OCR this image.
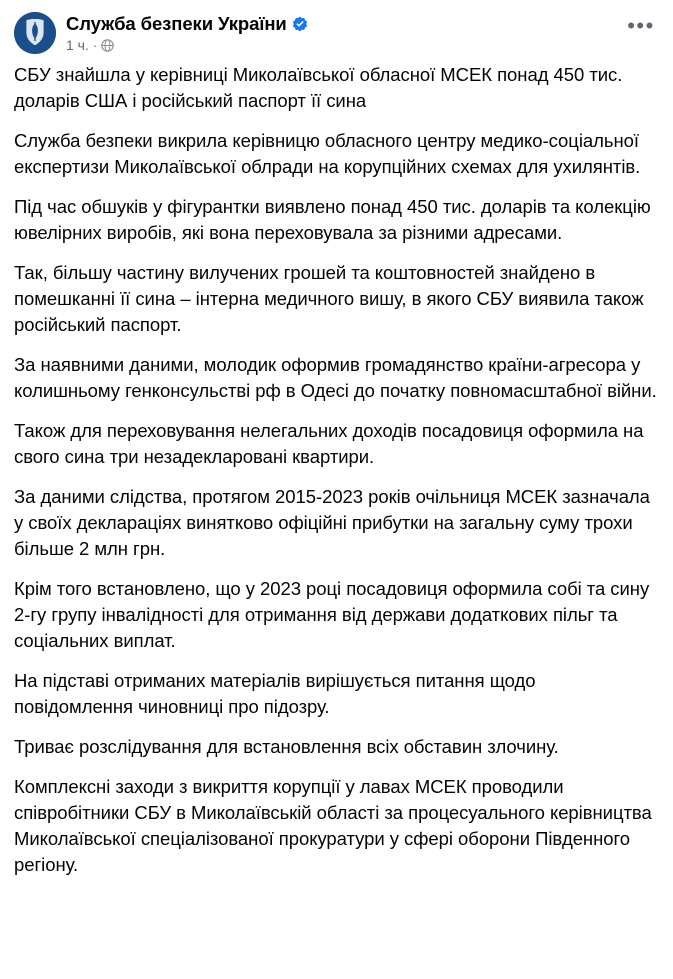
Служба безпеки України
1 ч. ·
•••

СБУ знайшла у керівниці Миколаївської обласної МСЕК понад 450 тис. доларів США і російський паспорт її сина

Служба безпеки викрила керівницю обласного центру медико-соціальної експертизи Миколаївської облради на корупційних схемах для ухилянтів.

Під час обшуків у фігурантки виявлено понад 450 тис. доларів та колекцію ювелірних виробів, які вона переховувала за різними адресами.

Так, більшу частину вилучених грошей та коштовностей знайдено в помешканні її сина – інтерна медичного вишу, в якого СБУ виявила також російський паспорт.

За наявними даними, молодик оформив громадянство країни-агресора у колишньому генконсульстві рф в Одесі до початку повномасштабної війни.

Також для переховування нелегальних доходів посадовиця оформила на свого сина три незадекларовані квартири.

За даними слідства, протягом 2015-2023 років очільниця МСЕК зазначала у своїх деклараціях винятково офіційні прибутки на загальну суму трохи більше 2 млн грн.

Крім того встановлено, що у 2023 році посадовиця оформила собі та сину 2-гу групу інвалідності для отримання від держави додаткових пільг та соціальних виплат.

На підставі отриманих матеріалів вирішується питання щодо повідомлення чиновниці про підозру.

Триває розслідування для встановлення всіх обставин злочину.

Комплексні заходи з викриття корупції у лавах МСЕК проводили співробітники СБУ в Миколаївській області за процесуального керівництва Миколаївської спеціалізованої прокуратури у сфері оборони Південного регіону.
